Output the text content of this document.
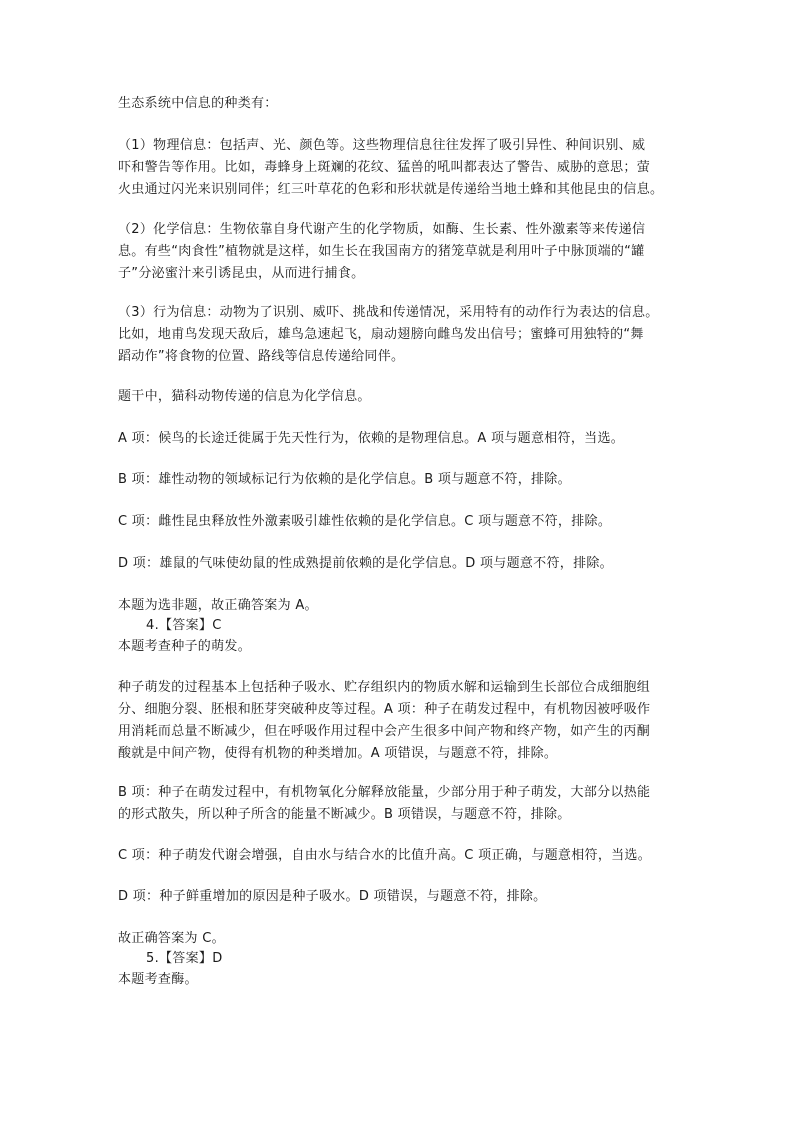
生态系统中信息的种类有：
（1）物理信息：包括声、光、颜色等。这些物理信息往往发挥了吸引异性、种间识别、威
吓和警告等作用。比如，毒蜂身上斑斓的花纹、猛兽的吼叫都表达了警告、威胁的意思；萤
火虫通过闪光来识别同伴；红三叶草花的色彩和形状就是传递给当地土蜂和其他昆虫的信息。
（2）化学信息：生物依靠自身代谢产生的化学物质，如酶、生长素、性外激素等来传递信
息。有些“肉食性”植物就是这样，如生长在我国南方的猪笼草就是利用叶子中脉顶端的“罐
子”分泌蜜汁来引诱昆虫，从而进行捕食。
（3）行为信息：动物为了识别、威吓、挑战和传递情况，采用特有的动作行为表达的信息。
比如，地甫鸟发现天敌后，雄鸟急速起飞，扇动翅膀向雌鸟发出信号；蜜蜂可用独特的“舞
蹈动作”将食物的位置、路线等信息传递给同伴。
题干中，猫科动物传递的信息为化学信息。
A 项：候鸟的长途迁徙属于先天性行为，依赖的是物理信息。A 项与题意相符，当选。
B 项：雄性动物的领域标记行为依赖的是化学信息。B 项与题意不符，排除。
C 项：雌性昆虫释放性外激素吸引雄性依赖的是化学信息。C 项与题意不符，排除。
D 项：雄鼠的气味使幼鼠的性成熟提前依赖的是化学信息。D 项与题意不符，排除。
本题为选非题，故正确答案为 A。
4.【答案】C
本题考查种子的萌发。
种子萌发的过程基本上包括种子吸水、贮存组织内的物质水解和运输到生长部位合成细胞组
分、细胞分裂、胚根和胚芽突破种皮等过程。A 项：种子在萌发过程中，有机物因被呼吸作
用消耗而总量不断减少，但在呼吸作用过程中会产生很多中间产物和终产物，如产生的丙酮
酸就是中间产物，使得有机物的种类增加。A 项错误，与题意不符，排除。
B 项：种子在萌发过程中，有机物氧化分解释放能量，少部分用于种子萌发，大部分以热能
的形式散失，所以种子所含的能量不断减少。B 项错误，与题意不符，排除。
C 项：种子萌发代谢会增强，自由水与结合水的比值升高。C 项正确，与题意相符，当选。
D 项：种子鲜重增加的原因是种子吸水。D 项错误，与题意不符，排除。
故正确答案为 C。
5.【答案】D
本题考查酶。
